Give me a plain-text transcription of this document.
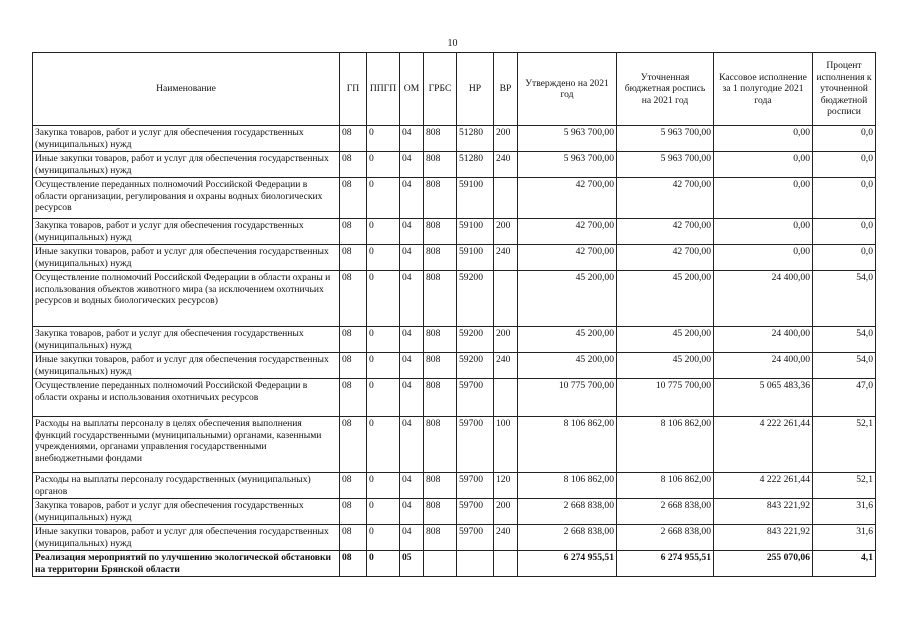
10
Наименование	ГП	ППГП	ОМ	ГРБС	НР	ВР	Утверждено на 2021 год	Уточненная бюджетная роспись на 2021 год	Кассовое исполнение за 1 полугодие 2021 года	Процент исполнения к уточненной бюджетной росписи
Закупка товаров, работ и услуг для обеспечения государственных (муниципальных) нужд	08	0	04	808	51280	200	5 963 700,00	5 963 700,00	0,00	0,0
Иные закупки товаров, работ и услуг для обеспечения государственных (муниципальных) нужд	08	0	04	808	51280	240	5 963 700,00	5 963 700,00	0,00	0,0
Осуществление переданных полномочий Российской Федерации в области организации, регулирования и охраны водных биологических ресурсов	08	0	04	808	59100		42 700,00	42 700,00	0,00	0,0
Закупка товаров, работ и услуг для обеспечения государственных (муниципальных) нужд	08	0	04	808	59100	200	42 700,00	42 700,00	0,00	0,0
Иные закупки товаров, работ и услуг для обеспечения государственных (муниципальных) нужд	08	0	04	808	59100	240	42 700,00	42 700,00	0,00	0,0
Осуществление полномочий Российской Федерации в области охраны и использования объектов животного мира (за исключением охотничьих ресурсов и водных биологических ресурсов)	08	0	04	808	59200		45 200,00	45 200,00	24 400,00	54,0
Закупка товаров, работ и услуг для обеспечения государственных (муниципальных) нужд	08	0	04	808	59200	200	45 200,00	45 200,00	24 400,00	54,0
Иные закупки товаров, работ и услуг для обеспечения государственных (муниципальных) нужд	08	0	04	808	59200	240	45 200,00	45 200,00	24 400,00	54,0
Осуществление переданных полномочий Российской Федерации в области охраны и использования охотничьих ресурсов	08	0	04	808	59700		10 775 700,00	10 775 700,00	5 065 483,36	47,0
Расходы на выплаты персоналу в целях обеспечения выполнения функций государственными (муниципальными) органами, казенными учреждениями, органами управления государственными внебюджетными фондами	08	0	04	808	59700	100	8 106 862,00	8 106 862,00	4 222 261,44	52,1
Расходы на выплаты персоналу государственных (муниципальных) органов	08	0	04	808	59700	120	8 106 862,00	8 106 862,00	4 222 261,44	52,1
Закупка товаров, работ и услуг для обеспечения государственных (муниципальных) нужд	08	0	04	808	59700	200	2 668 838,00	2 668 838,00	843 221,92	31,6
Иные закупки товаров, работ и услуг для обеспечения государственных (муниципальных) нужд	08	0	04	808	59700	240	2 668 838,00	2 668 838,00	843 221,92	31,6
Реализация мероприятий по улучшению экологической обстановки на территории Брянской области	08	0	05				6 274 955,51	6 274 955,51	255 070,06	4,1
